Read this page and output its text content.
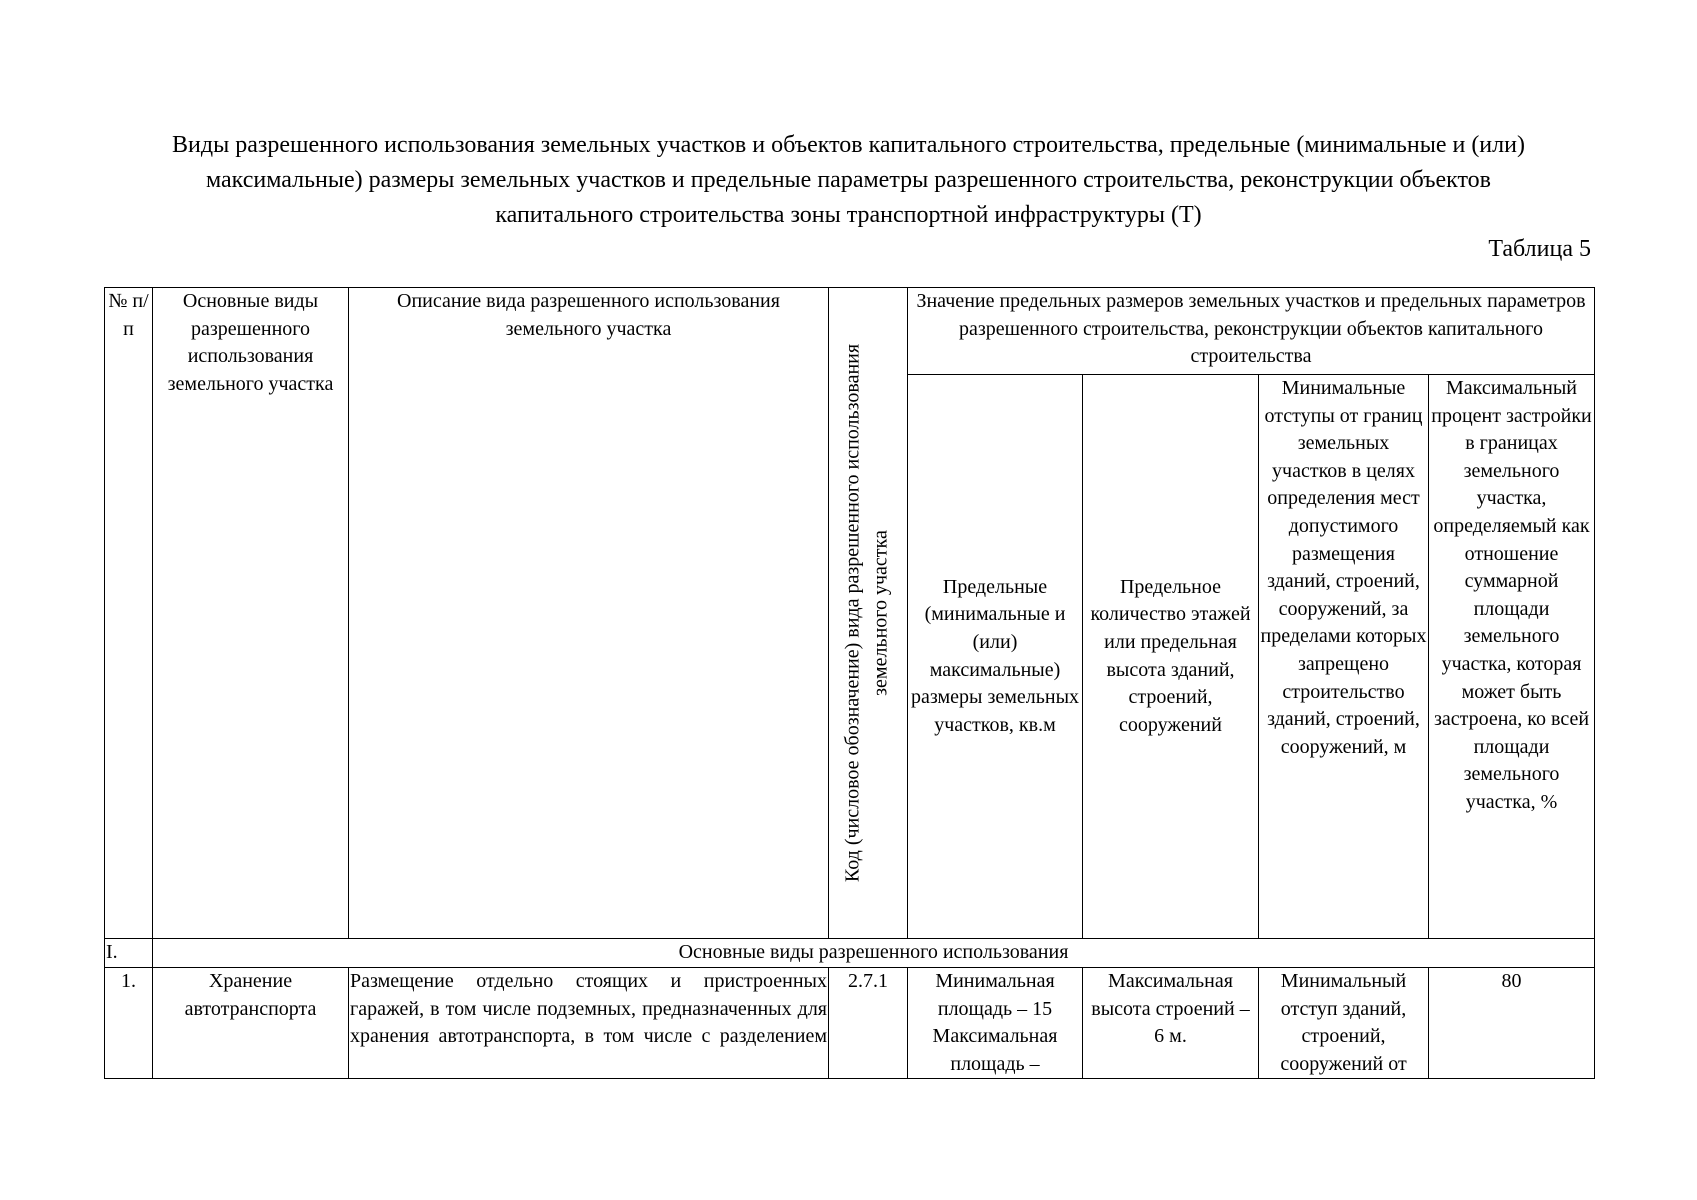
Виды разрешенного использования земельных участков и объектов капитального строительства, предельные (минимальные и (или) максимальные) размеры земельных участков и предельные параметры разрешенного строительства, реконструкции объектов капитального строительства зоны транспортной инфраструктуры (Т)
Таблица 5
№ п/п	Основные виды разрешенного использования земельного участка	Описание вида разрешенного использования земельного участка	Код (числовое обозначение) вида разрешенного использования земельного участка	Значение предельных размеров земельных участков и предельных параметров разрешенного строительства, реконструкции объектов капитального строительства			
				Предельные (минимальные и (или) максимальные) размеры земельных участков, кв.м	Предельное количество этажей или предельная высота зданий, строений, сооружений	Минимальные отступы от границ земельных участков в целях определения мест допустимого размещения зданий, строений, сооружений, за пределами которых запрещено строительство зданий, строений, сооружений, м	Максимальный процент застройки в границах земельного участка, определяемый как отношение суммарной площади земельного участка, которая может быть застроена, ко всей площади земельного участка, %
I.	Основные виды разрешенного использования						
1.	Хранение автотранспорта	Размещение отдельно стоящих и пристроенных гаражей, в том числе подземных, предназначенных для хранения автотранспорта, в том числе с разделением	2.7.1	Минимальная площадь – 15 Максимальная площадь –	Максимальная высота строений – 6 м.	Минимальный отступ зданий, строений, сооружений от	80
